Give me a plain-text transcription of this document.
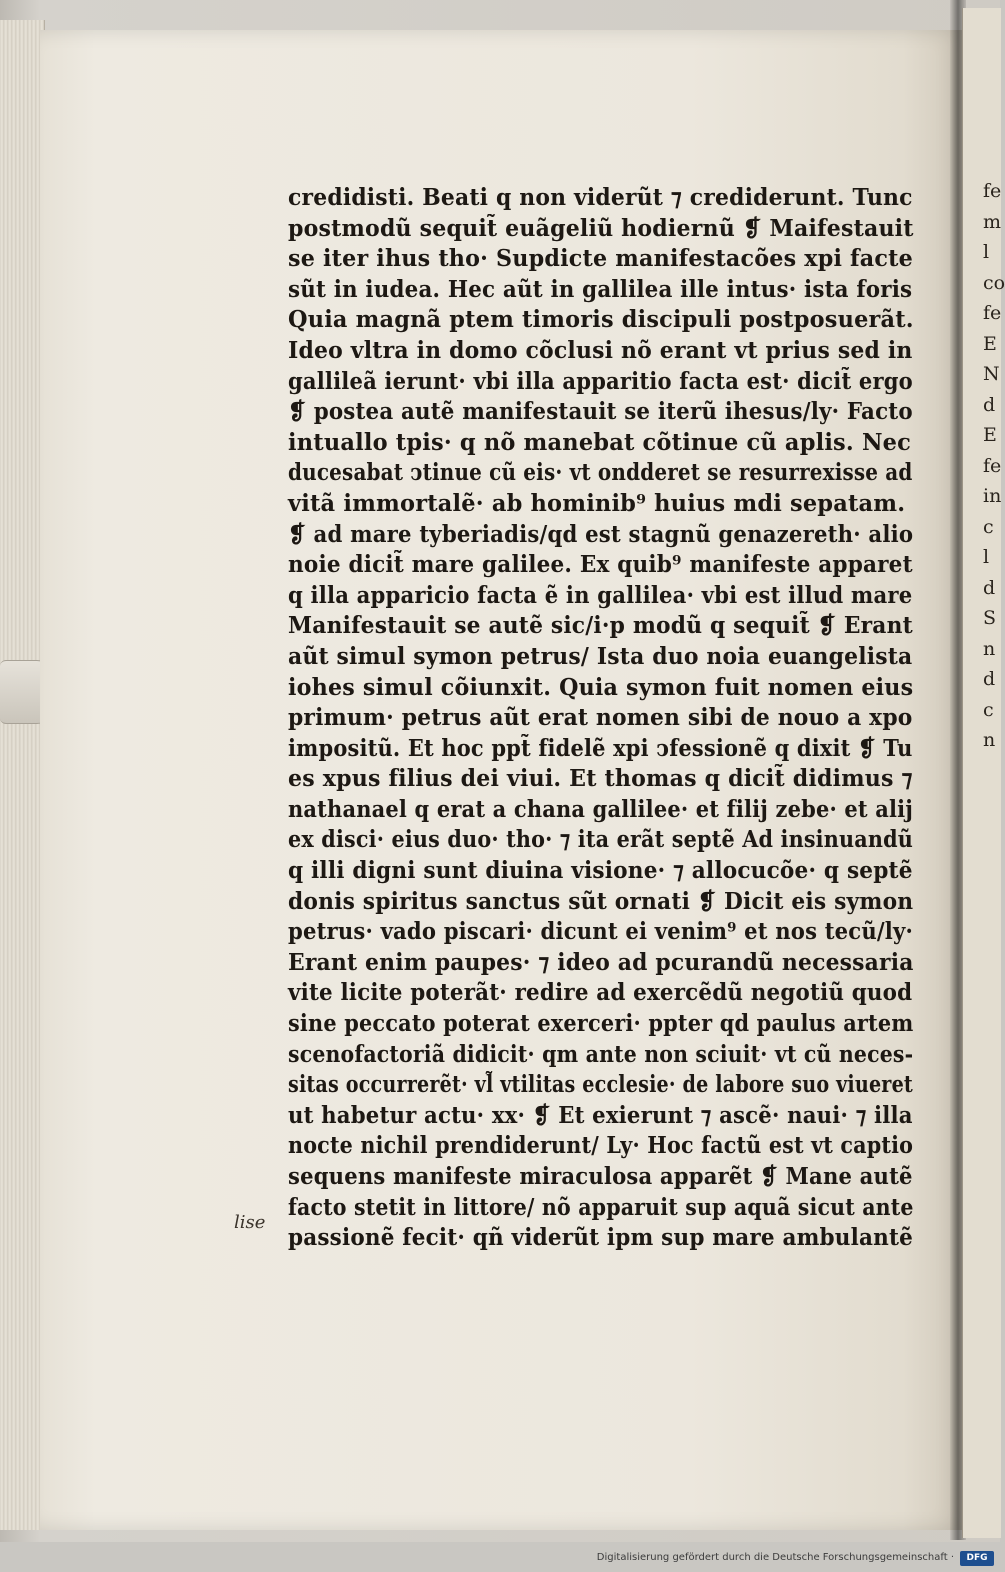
fe
m
l
co
fe
E
N
d
E
fe
in
c
l
d
S
n
d
c
n
credidisti. Beati q non viderũt ⁊ crediderunt. Tunc
postmodũ sequit̃ euãgeliũ hodiernũ ❡ Maifestauit
se iter ihus tho· Supdicte manifestacões xpi facte
sũt in iudea. Hec aũt in gallilea ille intus· ista foris
Quia magnã ptem timoris discipuli postposuerãt.
Ideo vltra in domo cõclusi nõ erant vt prius sed in
gallileã ierunt· vbi illa apparitio facta est· dicit̃ ergo
❡ postea autẽ manifestauit se iterũ ihesus/ly· Facto
intuallo tpis· q nõ manebat cõtinue cũ aplis. Nec
ducesabat ↄtinue cũ eis· vt ondderet se resurrexisse ad
vitã immortalẽ· ab hominib⁹ huius mdi sepatam.
❡ ad mare tyberiadis/qd est stagnũ genazereth· alio
noie dicit̃ mare galilee. Ex quib⁹ manifeste apparet
q illa apparicio facta ẽ in gallilea· vbi est illud mare
Manifestauit se autẽ sic/i·p modũ q sequit̃ ❡ Erant
aũt simul symon petrus/ Ista duo noia euangelista
iohes simul cõiunxit. Quia symon fuit nomen eius
primum· petrus aũt erat nomen sibi de nouo a xpo
impositũ. Et hoc ppt̃ fidelẽ xpi ↄfessionẽ q dixit ❡ Tu
es xpus filius dei viui. Et thomas q dicit̃ didimus ⁊
nathanael q erat a chana gallilee· et filij zebe· et alij
ex disci· eius duo· tho· ⁊ ita erãt septẽ Ad insinuandũ
q illi digni sunt diuina visione· ⁊ allocucõe· q septẽ
donis spiritus sanctus sũt ornati ❡ Dicit eis symon
petrus· vado piscari· dicunt ei venim⁹ et nos tecũ/ly·
Erant enim paupes· ⁊ ideo ad pcurandũ necessaria
vite licite poterãt· redire ad exercẽdũ negotiũ quod
sine peccato poterat exerceri· ppter qd paulus artem
scenofactoriã didicit· qm ante non sciuit· vt cũ neces-
sitas occurrerẽt· vl̃ vtilitas ecclesie· de labore suo viueret
ut habetur actu· xx· ❡ Et exierunt ⁊ ascẽ· naui· ⁊ illa
nocte nichil prendiderunt/ Ly· Hoc factũ est vt captio
sequens manifeste miraculosa apparẽt ❡ Mane autẽ
facto stetit in littore/ nõ apparuit sup aquã sicut ante
passionẽ fecit· qñ viderũt ipm sup mare ambulantẽ
lise
Digitalisierung gefördert durch die Deutsche Forschungsgemeinschaft ·	DFG
